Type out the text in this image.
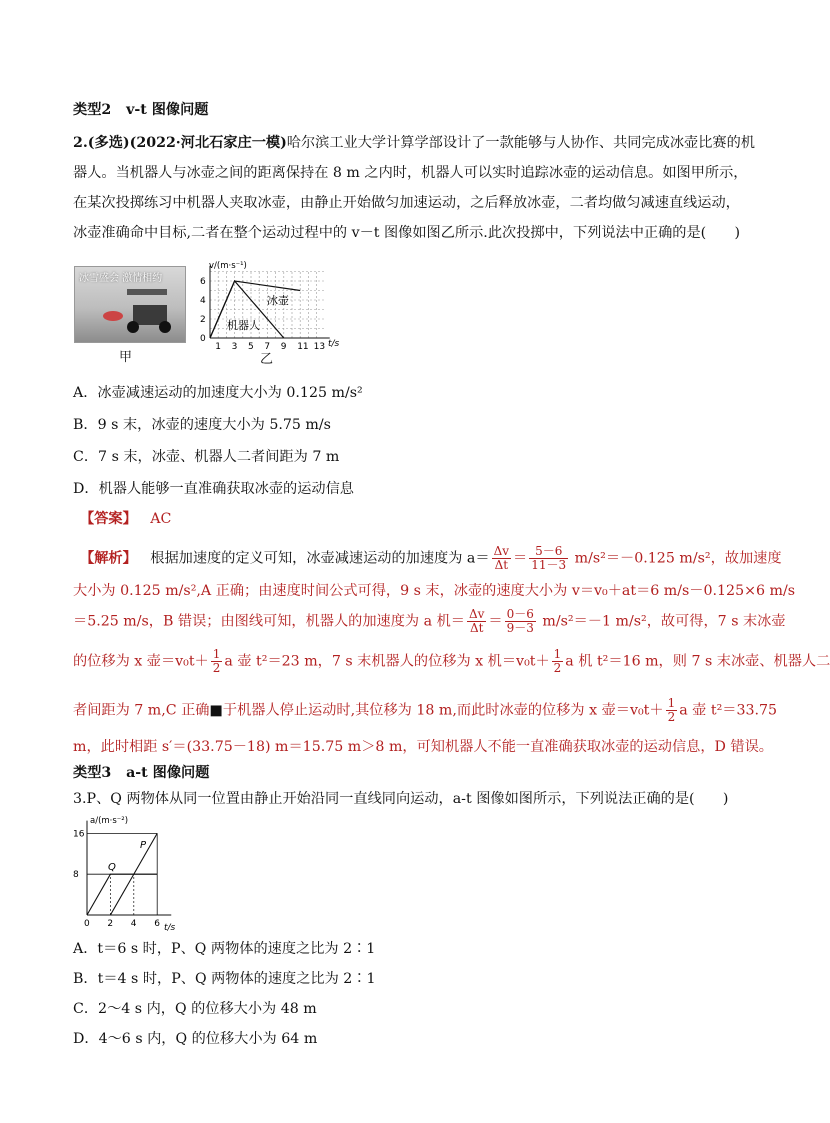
类型2 v-t 图像问题
2.(多选)(2022·河北石家庄一模)哈尔滨工业大学计算学部设计了一款能够与人协作、共同完成冰壶比赛的机
器人。当机器人与冰壶之间的距离保持在 8 m 之内时，机器人可以实时追踪冰壶的运动信息。如图甲所示，
在某次投掷练习中机器人夹取冰壶，由静止开始做匀加速运动，之后释放冰壶，二者均做匀减速直线运动，
冰壶准确命中目标,二者在整个运动过程中的 v－t 图像如图乙所示.此次投掷中，下列说法中正确的是(　　)
冰雪盛会 激情相约
甲
1 3 5 7 9 11 13
0
2
4
6
v/(m·s⁻¹)
t/s
冰壶
机器人
乙
A．冰壶减速运动的加速度大小为 0.125 m/s²
B．9 s 末，冰壶的速度大小为 5.75 m/s
C．7 s 末，冰壶、机器人二者间距为 7 m
D．机器人能够一直准确获取冰壶的运动信息
【答案】 AC
【解析】 根据加速度的定义可知，冰壶减速运动的加速度为 $a= \frac{\Delta v}{\Delta t} = \frac{5-6}{11-3} m/s^2=-0.125$ m/s²，故加速度
大小为 0.125 m/s²,A 正确；由速度时间公式可得，9 s 末，冰壶的速度大小为 v＝v₀＋at＝6 m/s－0.125×6 m/s
＝5.25 m/s，B 错误；由图线可知，机器人的加速度为 a 机＝ $\frac{\Delta v}{\Delta t} = \frac{0-6}{9-3} m/s^2=-1$ m/s²，故可得，7 s 末冰壶
的位移为 x 壶$=v_0t+ \frac{1}{2}$ a 壶 t²＝23 m，7 s 末机器人的位移为 x 机$=v_0t+ \frac{1}{2}$ a 机 t²＝16 m，则 7 s 末冰壶、机器人二
者间距为 7 m,C 正确■于机器人停止运动时,其位移为 18 m,而此时冰壶的位移为 x 壶$=v_0t+ \frac{1}{2}$ a 壶 t²＝33.75
m，此时相距 s′＝(33.75－18) m＝15.75 m＞8 m，可知机器人不能一直准确获取冰壶的运动信息，D 错误。
类型3 a-t 图像问题
3.P、Q 两物体从同一位置由静止开始沿同一直线同向运动，a-t 图像如图所示，下列说法正确的是(　　)
0 2 4 6
8
16
a/(m·s⁻²)
t/s
P
Q
A．t＝6 s 时，P、Q 两物体的速度之比为 2∶1
B．t＝4 s 时，P、Q 两物体的速度之比为 2∶1
C．2～4 s 内，Q 的位移大小为 48 m
D．4～6 s 内，Q 的位移大小为 64 m
